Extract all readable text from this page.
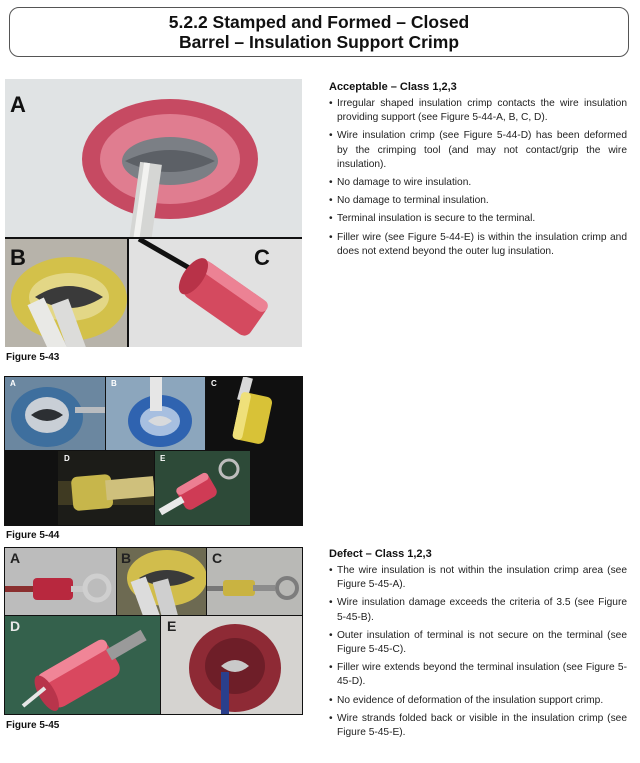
5.2.2 Stamped and Formed – Closed
Barrel – Insulation Support Crimp
A
B	C
Figure 5-43
A	B	C
D	E
Figure 5-44
A	B	C
D	E
Figure 5-45
Acceptable – Class 1,2,3
• Irregular shaped insulation crimp contacts the wire insulation providing support (see Figure 5-44-A, B, C, D).
• Wire insulation crimp (see Figure 5-44-D) has been deformed by the crimping tool (and may not contact/grip the wire insulation).
• No damage to wire insulation.
• No damage to terminal insulation.
• Terminal insulation is secure to the terminal.
• Filler wire (see Figure 5-44-E) is within the insulation crimp and does not extend beyond the outer lug insulation.
Defect – Class 1,2,3
• The wire insulation is not within the insulation crimp area (see Figure 5-45-A).
• Wire insulation damage exceeds the criteria of 3.5 (see Figure 5-45-B).
• Outer insulation of terminal is not secure on the terminal (see Figure 5-45-C).
• Filler wire extends beyond the terminal insulation (see Figure 5-45-D).
• No evidence of deformation of the insulation support crimp.
• Wire strands folded back or visible in the insulation crimp (see Figure 5-45-E).
